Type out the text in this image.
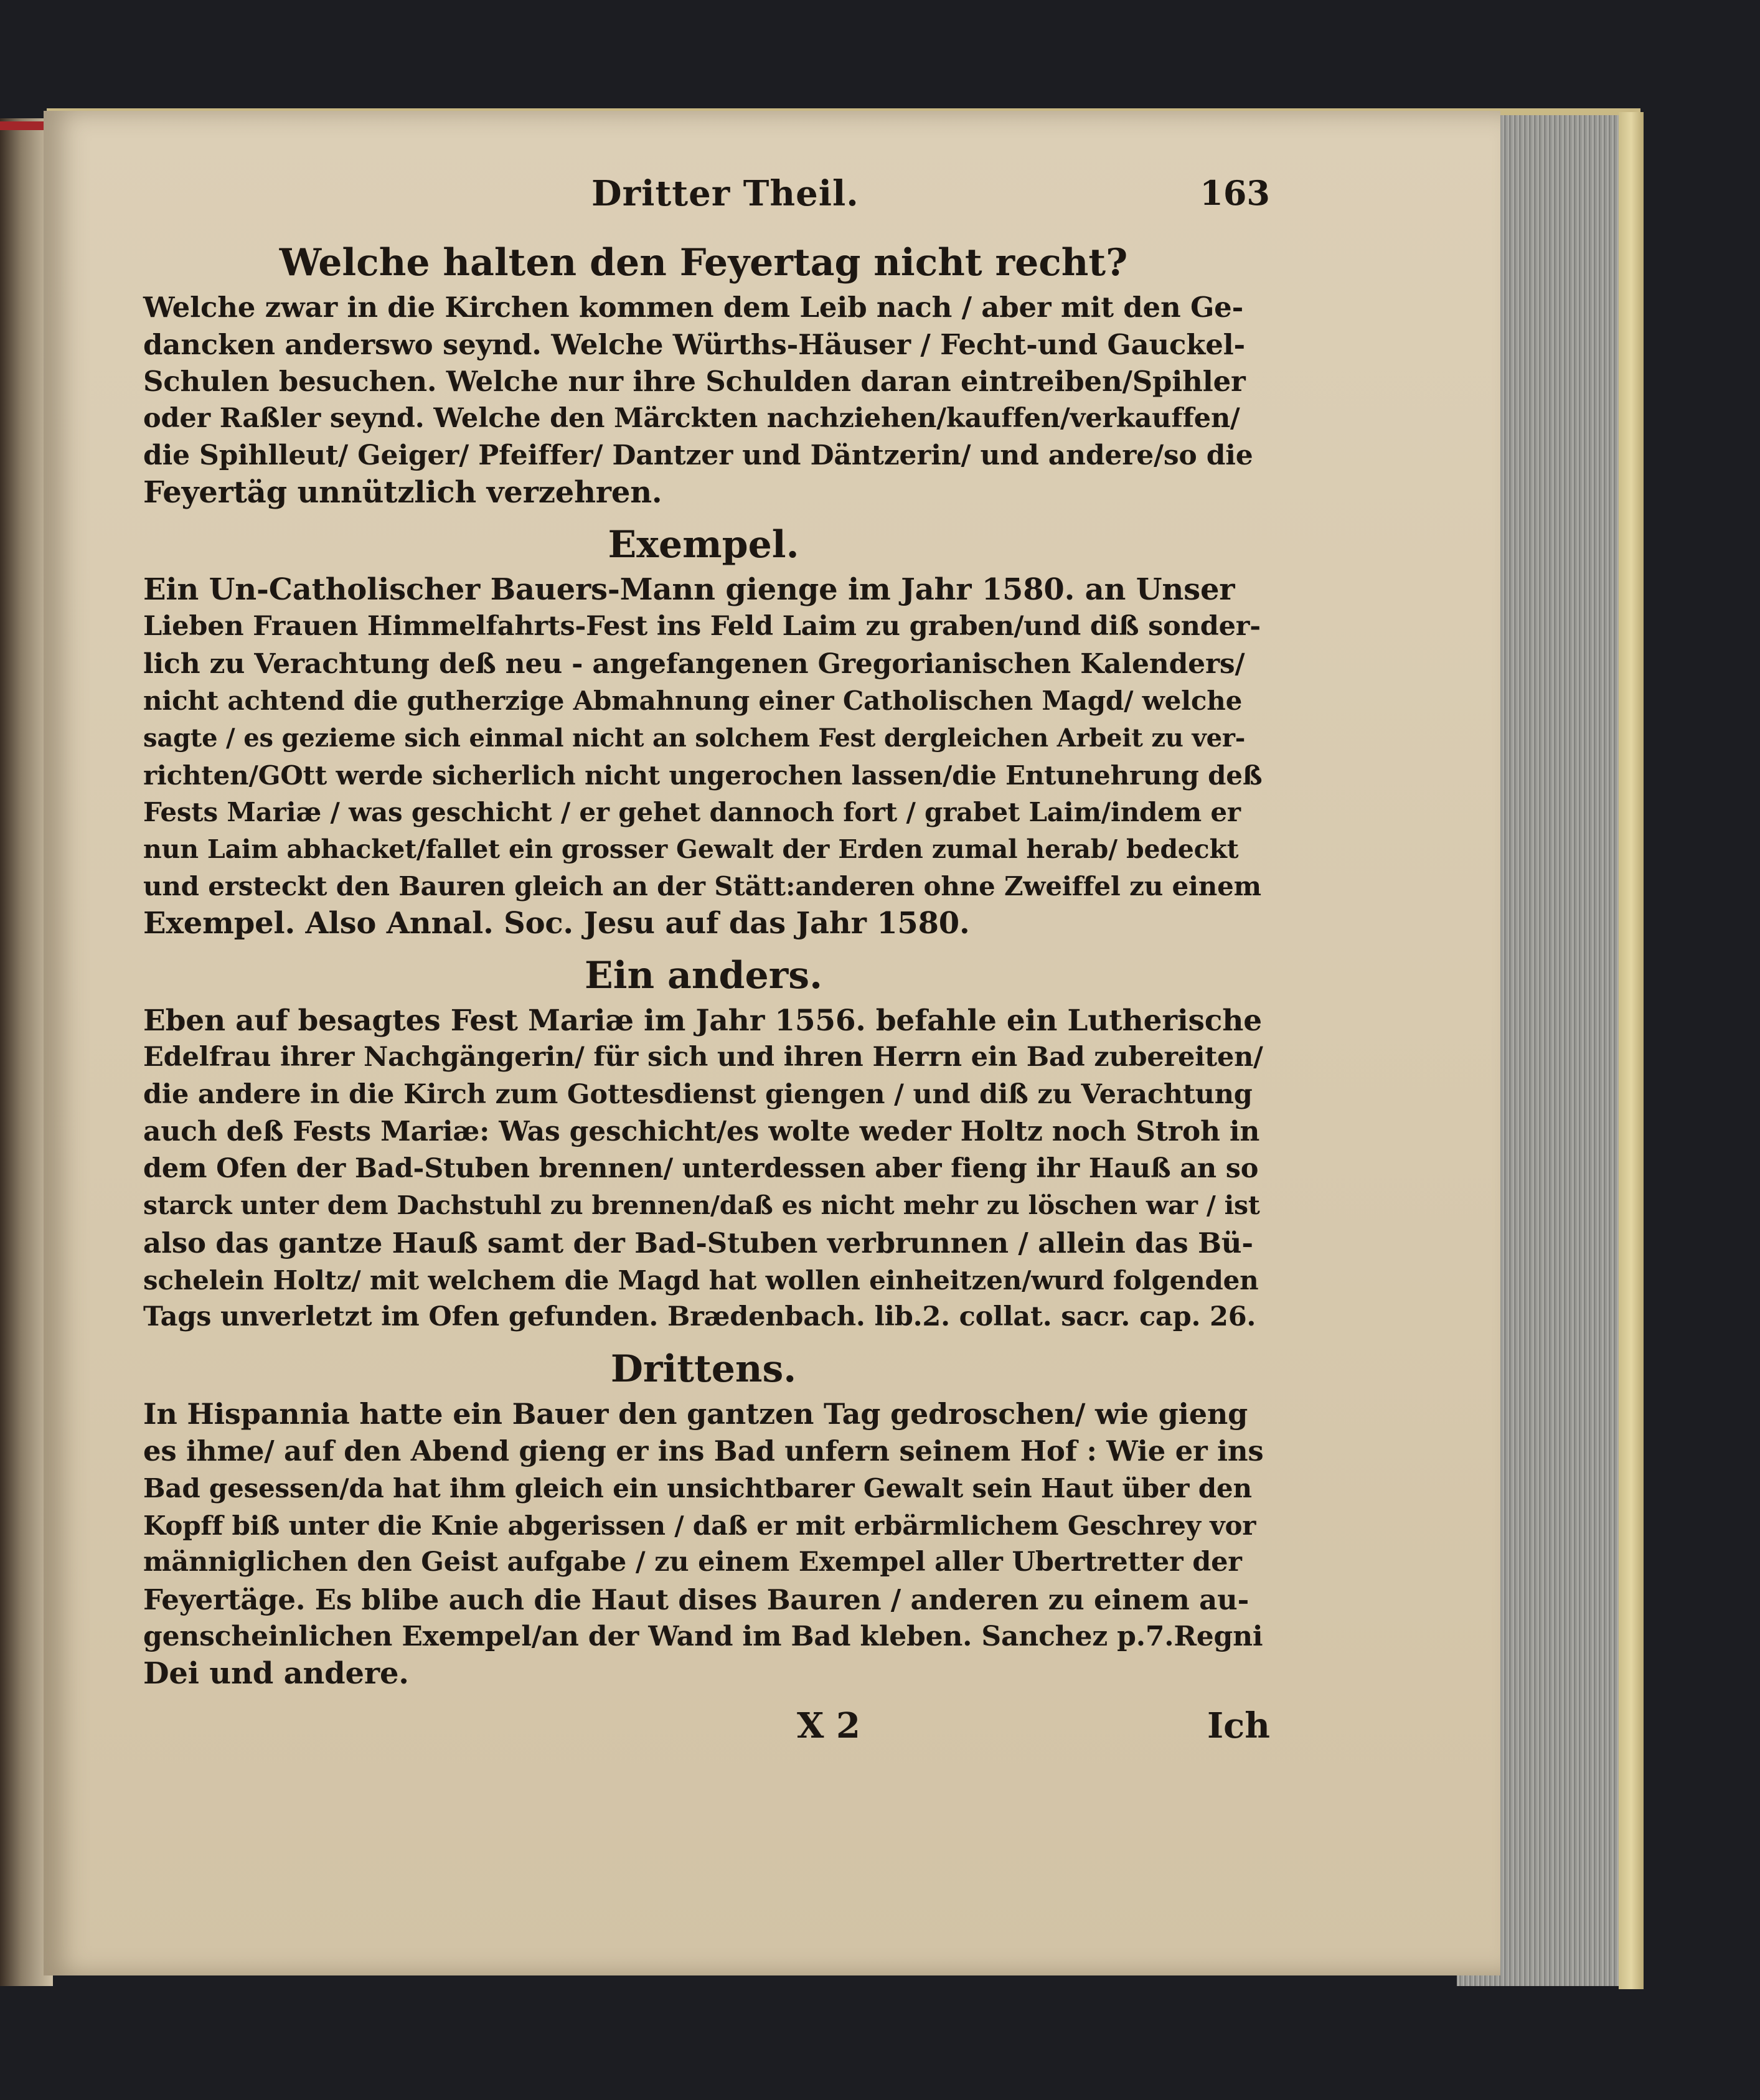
Dritter Theil.	163
Welche halten den Feyertag nicht recht?

Welche zwar in die Kirchen kommen dem Leib nach / aber mit den Ge-
dancken anderswo seynd. Welche Würths-Häuser / Fecht-und Gauckel-
Schulen besuchen. Welche nur ihre Schulden daran eintreiben/Spihler
oder Raßler seynd. Welche den Märckten nachziehen/kauffen/verkauffen/
die Spihlleut/ Geiger/ Pfeiffer/ Dantzer und Däntzerin/ und andere/so die
Feyertäg unnützlich verzehren.

Exempel.

Ein Un-Catholischer Bauers-Mann gienge im Jahr 1580. an Unser
Lieben Frauen Himmelfahrts-Fest ins Feld Laim zu graben/und diß sonder-
lich zu Verachtung deß neu - angefangenen Gregorianischen Kalenders/
nicht achtend die gutherzige Abmahnung einer Catholischen Magd/ welche
sagte / es gezieme sich einmal nicht an solchem Fest dergleichen Arbeit zu ver-
richten/GOtt werde sicherlich nicht ungerochen lassen/die Entunehrung deß
Fests Mariæ / was geschicht / er gehet dannoch fort / grabet Laim/indem er
nun Laim abhacket/fallet ein grosser Gewalt der Erden zumal herab/ bedeckt
und ersteckt den Bauren gleich an der Stätt:anderen ohne Zweiffel zu einem
Exempel. Also Annal. Soc. Jesu auf das Jahr 1580.

Ein anders.

Eben auf besagtes Fest Mariæ im Jahr 1556. befahle ein Lutherische
Edelfrau ihrer Nachgängerin/ für sich und ihren Herrn ein Bad zubereiten/
die andere in die Kirch zum Gottesdienst giengen / und diß zu Verachtung
auch deß Fests Mariæ: Was geschicht/es wolte weder Holtz noch Stroh in
dem Ofen der Bad-Stuben brennen/ unterdessen aber fieng ihr Hauß an so
starck unter dem Dachstuhl zu brennen/daß es nicht mehr zu löschen war / ist
also das gantze Hauß samt der Bad-Stuben verbrunnen / allein das Bü-
schelein Holtz/ mit welchem die Magd hat wollen einheitzen/wurd folgenden
Tags unverletzt im Ofen gefunden. Brædenbach. lib.2. collat. sacr. cap. 26.

Drittens.

In Hispannia hatte ein Bauer den gantzen Tag gedroschen/ wie gieng
es ihme/ auf den Abend gieng er ins Bad unfern seinem Hof : Wie er ins
Bad gesessen/da hat ihm gleich ein unsichtbarer Gewalt sein Haut über den
Kopff biß unter die Knie abgerissen / daß er mit erbärmlichem Geschrey vor
männiglichen den Geist aufgabe / zu einem Exempel aller Ubertretter der
Feyertäge. Es blibe auch die Haut dises Bauren / anderen zu einem au-
genscheinlichen Exempel/an der Wand im Bad kleben. Sanchez p.7.Regni
Dei und andere.

X 2	Ich
